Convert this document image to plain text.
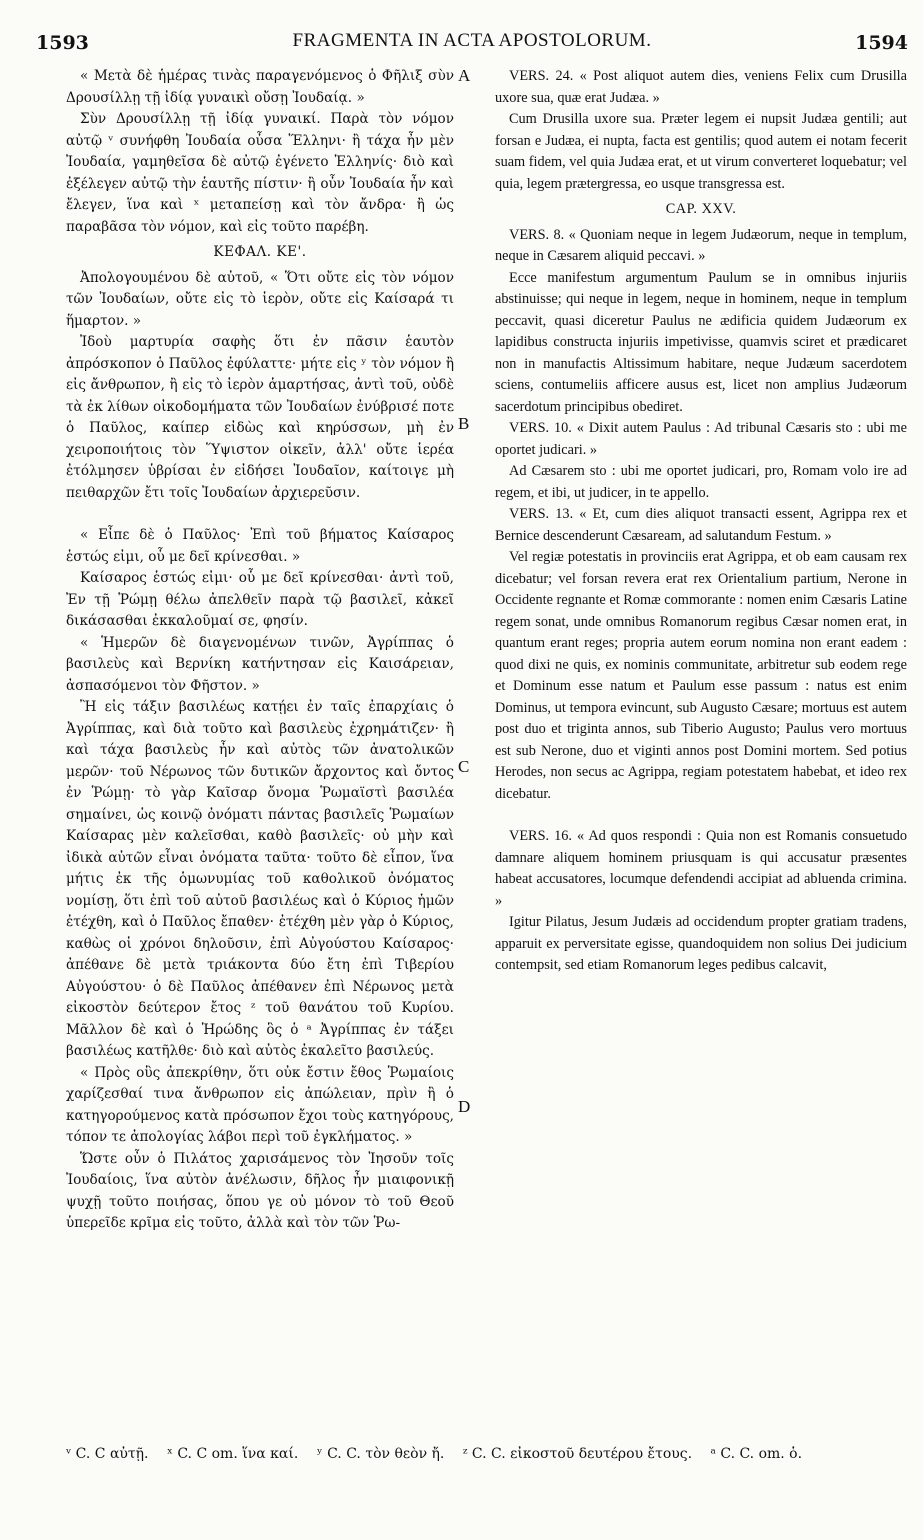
1593	FRAGMENTA IN ACTA APOSTOLORUM.	1594
A
B
C
D

« Μετὰ δὲ ἡμέρας τινὰς παραγενόμενος ὁ Φῆλιξ σὺν Δρουσίλλῃ τῇ ἰδίᾳ γυναικὶ οὔσῃ Ἰουδαίᾳ. »

Σὺν Δρουσίλλῃ τῇ ἰδίᾳ γυναικί. Παρὰ τὸν νόμον αὐτῷ ᵛ συνήφθη Ἰουδαία οὖσα Ἕλληνι· ἢ τάχα ἦν μὲν Ἰουδαία, γαμηθεῖσα δὲ αὐτῷ ἐγένετο Ἑλληνίς· διὸ καὶ ἐξέλεγεν αὐτῷ τὴν ἑαυτῆς πίστιν· ἢ οὖν Ἰουδαία ἦν καὶ ἔλεγεν, ἵνα καὶ ˣ μεταπείσῃ καὶ τὸν ἄνδρα· ἢ ὡς παραβᾶσα τὸν νόμον, καὶ εἰς τοῦτο παρέβη.

ΚΕΦΑΛ. ΚΕ'.

Ἀπολογουμένου δὲ αὐτοῦ, « Ὅτι οὔτε εἰς τὸν νόμον τῶν Ἰουδαίων, οὔτε εἰς τὸ ἱερὸν, οὔτε εἰς Καίσαρά τι ἥμαρτον. »

Ἰδοὺ μαρτυρία σαφὴς ὅτι ἐν πᾶσιν ἑαυτὸν ἀπρόσκοπον ὁ Παῦλος ἐφύλαττε· μήτε εἰς ʸ τὸν νόμον ἢ εἰς ἄνθρωπον, ἢ εἰς τὸ ἱερὸν ἁμαρτήσας, ἀντὶ τοῦ, οὐδὲ τὰ ἐκ λίθων οἰκοδομήματα τῶν Ἰουδαίων ἐνύβρισέ ποτε ὁ Παῦλος, καίπερ εἰδὼς καὶ κηρύσσων, μὴ ἐν χειροποιήτοις τὸν Ὕψιστον οἰκεῖν, ἀλλ' οὔτε ἱερέα ἐτόλμησεν ὑβρίσαι ἐν εἰδήσει Ἰουδαῖον, καίτοιγε μὴ πειθαρχῶν ἔτι τοῖς Ἰουδαίων ἀρχιερεῦσιν.

« Εἶπε δὲ ὁ Παῦλος· Ἐπὶ τοῦ βήματος Καίσαρος ἑστώς εἰμι, οὗ με δεῖ κρίνεσθαι. »

Καίσαρος ἑστώς εἰμι· οὗ με δεῖ κρίνεσθαι· ἀντὶ τοῦ, Ἐν τῇ Ῥώμῃ θέλω ἀπελθεῖν παρὰ τῷ βασιλεῖ, κἀκεῖ δικάσασθαι ἐκκαλοῦμαί σε, φησίν.

« Ἡμερῶν δὲ διαγενομένων τινῶν, Ἀγρίππας ὁ βασιλεὺς καὶ Βερνίκη κατήντησαν εἰς Καισάρειαν, ἀσπασόμενοι τὸν Φῆστον. »

Ἢ εἰς τάξιν βασιλέως κατῄει ἐν ταῖς ἐπαρχίαις ὁ Ἀγρίππας, καὶ διὰ τοῦτο καὶ βασιλεὺς ἐχρημάτιζεν· ἢ καὶ τάχα βασιλεὺς ἦν καὶ αὐτὸς τῶν ἀνατολικῶν μερῶν· τοῦ Νέρωνος τῶν δυτικῶν ἄρχοντος καὶ ὄντος ἐν Ῥώμῃ· τὸ γὰρ Καῖσαρ ὄνομα Ῥωμαϊστὶ βασιλέα σημαίνει, ὡς κοινῷ ὀνόματι πάντας βασιλεῖς Ῥωμαίων Καίσαρας μὲν καλεῖσθαι, καθὸ βασιλεῖς· οὐ μὴν καὶ ἰδικὰ αὐτῶν εἶναι ὀνόματα ταῦτα· τοῦτο δὲ εἶπον, ἵνα μήτις ἐκ τῆς ὁμωνυμίας τοῦ καθολικοῦ ὀνόματος νομίσῃ, ὅτι ἐπὶ τοῦ αὐτοῦ βασιλέως καὶ ὁ Κύριος ἡμῶν ἐτέχθη, καὶ ὁ Παῦλος ἔπαθεν· ἐτέχθη μὲν γὰρ ὁ Κύριος, καθὼς οἱ χρόνοι δηλοῦσιν, ἐπὶ Αὐγούστου Καίσαρος· ἀπέθανε δὲ μετὰ τριάκοντα δύο ἔτη ἐπὶ Τιβερίου Αὐγούστου· ὁ δὲ Παῦλος ἀπέθανεν ἐπὶ Νέρωνος μετὰ εἰκοστὸν δεύτερον ἔτος ᶻ τοῦ θανάτου τοῦ Κυρίου. Μᾶλλον δὲ καὶ ὁ Ἡρώδης ὃς ὁ ᵃ Ἀγρίππας ἐν τάξει βασιλέως κατῆλθε· διὸ καὶ αὐτὸς ἐκαλεῖτο βασιλεύς.

« Πρὸς οὓς ἀπεκρίθην, ὅτι οὐκ ἔστιν ἔθος Ῥωμαίοις χαρίζεσθαί τινα ἄνθρωπον εἰς ἀπώλειαν, πρὶν ἢ ὁ κατηγορούμενος κατὰ πρόσωπον ἔχοι τοὺς κατηγόρους, τόπον τε ἀπολογίας λάβοι περὶ τοῦ ἐγκλήματος. »

Ὥστε οὖν ὁ Πιλάτος χαρισάμενος τὸν Ἰησοῦν τοῖς Ἰουδαίοις, ἵνα αὐτὸν ἀνέλωσιν, δῆλος ἦν μιαιφονικῇ ψυχῇ τοῦτο ποιήσας, ὅπου γε οὐ μόνον τὸ τοῦ Θεοῦ ὑπερεῖδε κρῖμα εἰς τοῦτο, ἀλλὰ καὶ τὸν τῶν Ῥω-

VERS. 24. « Post aliquot autem dies, veniens Felix cum Drusilla uxore sua, quæ erat Judæa. »

Cum Drusilla uxore sua. Præter legem ei nupsit Judæa gentili; aut forsan e Judæa, ei nupta, facta est gentilis; quod autem ei notam fecerit suam fidem, vel quia Judæa erat, et ut virum converteret loquebatur; vel quia, legem prætergressa, eo usque transgressa est.

CAP. XXV.

VERS. 8. « Quoniam neque in legem Judæorum, neque in templum, neque in Cæsarem aliquid peccavi. »

Ecce manifestum argumentum Paulum se in omnibus injuriis abstinuisse; qui neque in legem, neque in hominem, neque in templum peccavit, quasi diceretur Paulus ne ædificia quidem Judæorum ex lapidibus constructa injuriis impetivisse, quamvis sciret et prædicaret non in manufactis Altissimum habitare, neque Judæum sacerdotem sciens, contumeliis afficere ausus est, licet non amplius Judæorum sacerdotum principibus obediret.

VERS. 10. « Dixit autem Paulus : Ad tribunal Cæsaris sto : ubi me oportet judicari. »

Ad Cæsarem sto : ubi me oportet judicari, pro, Romam volo ire ad regem, et ibi, ut judicer, in te appello.

VERS. 13. « Et, cum dies aliquot transacti essent, Agrippa rex et Bernice descenderunt Cæsaream, ad salutandum Festum. »

Vel regiæ potestatis in provinciis erat Agrippa, et ob eam causam rex dicebatur; vel forsan revera erat rex Orientalium partium, Nerone in Occidente regnante et Romæ commorante : nomen enim Cæsaris Latine regem sonat, unde omnibus Romanorum regibus Cæsar nomen erat, in quantum erant reges; propria autem eorum nomina non erant eadem : quod dixi ne quis, ex nominis communitate, arbitretur sub eodem rege et Dominum esse natum et Paulum esse passum : natus est enim Dominus, ut tempora evincunt, sub Augusto Cæsare; mortuus est autem post duo et triginta annos, sub Tiberio Augusto; Paulus vero mortuus est sub Nerone, duo et viginti annos post Domini mortem. Sed potius Herodes, non secus ac Agrippa, regiam potestatem habebat, et ideo rex dicebatur.

VERS. 16. « Ad quos respondi : Quia non est Romanis consuetudo damnare aliquem hominem priusquam is qui accusatur præsentes habeat accusatores, locumque defendendi accipiat ad abluenda crimina. »

Igitur Pilatus, Jesum Judæis ad occidendum propter gratiam tradens, apparuit ex perversitate egisse, quandoquidem non solius Dei judicium contempsit, sed etiam Romanorum leges pedibus calcavit,

ᵛ C. C αὐτῇ. ˣ C. C om. ἵνα καί. ʸ C. C. τὸν θεὸν ἤ. ᶻ C. C. εἰκοστοῦ δευτέρου ἔτους. ᵃ C. C. om. ὁ.
